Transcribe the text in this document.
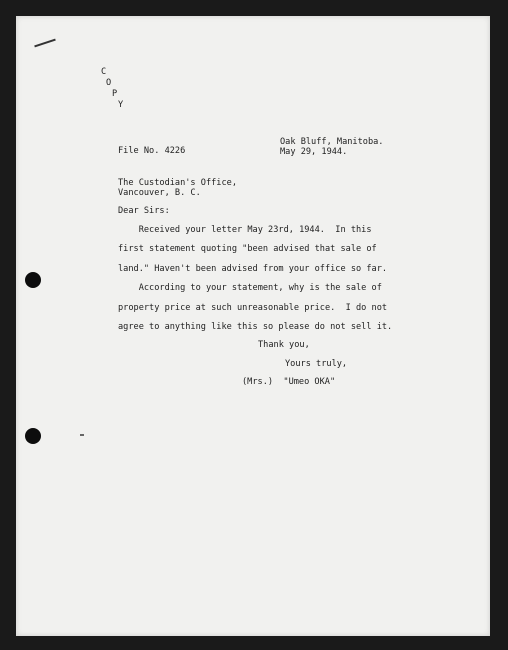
C
O
P
Y
Oak Bluff, Manitoba.
May 29, 1944.
File No. 4226
The Custodian's Office,
Vancouver, B. C.
Dear Sirs:
Received your letter May 23rd, 1944.  In this
first statement quoting "been advised that sale of
land." Haven't been advised from your office so far.
According to your statement, why is the sale of
property price at such unreasonable price.  I do not
agree to anything like this so please do not sell it.
Thank you,
Yours truly,
(Mrs.)  "Umeo OKA"
